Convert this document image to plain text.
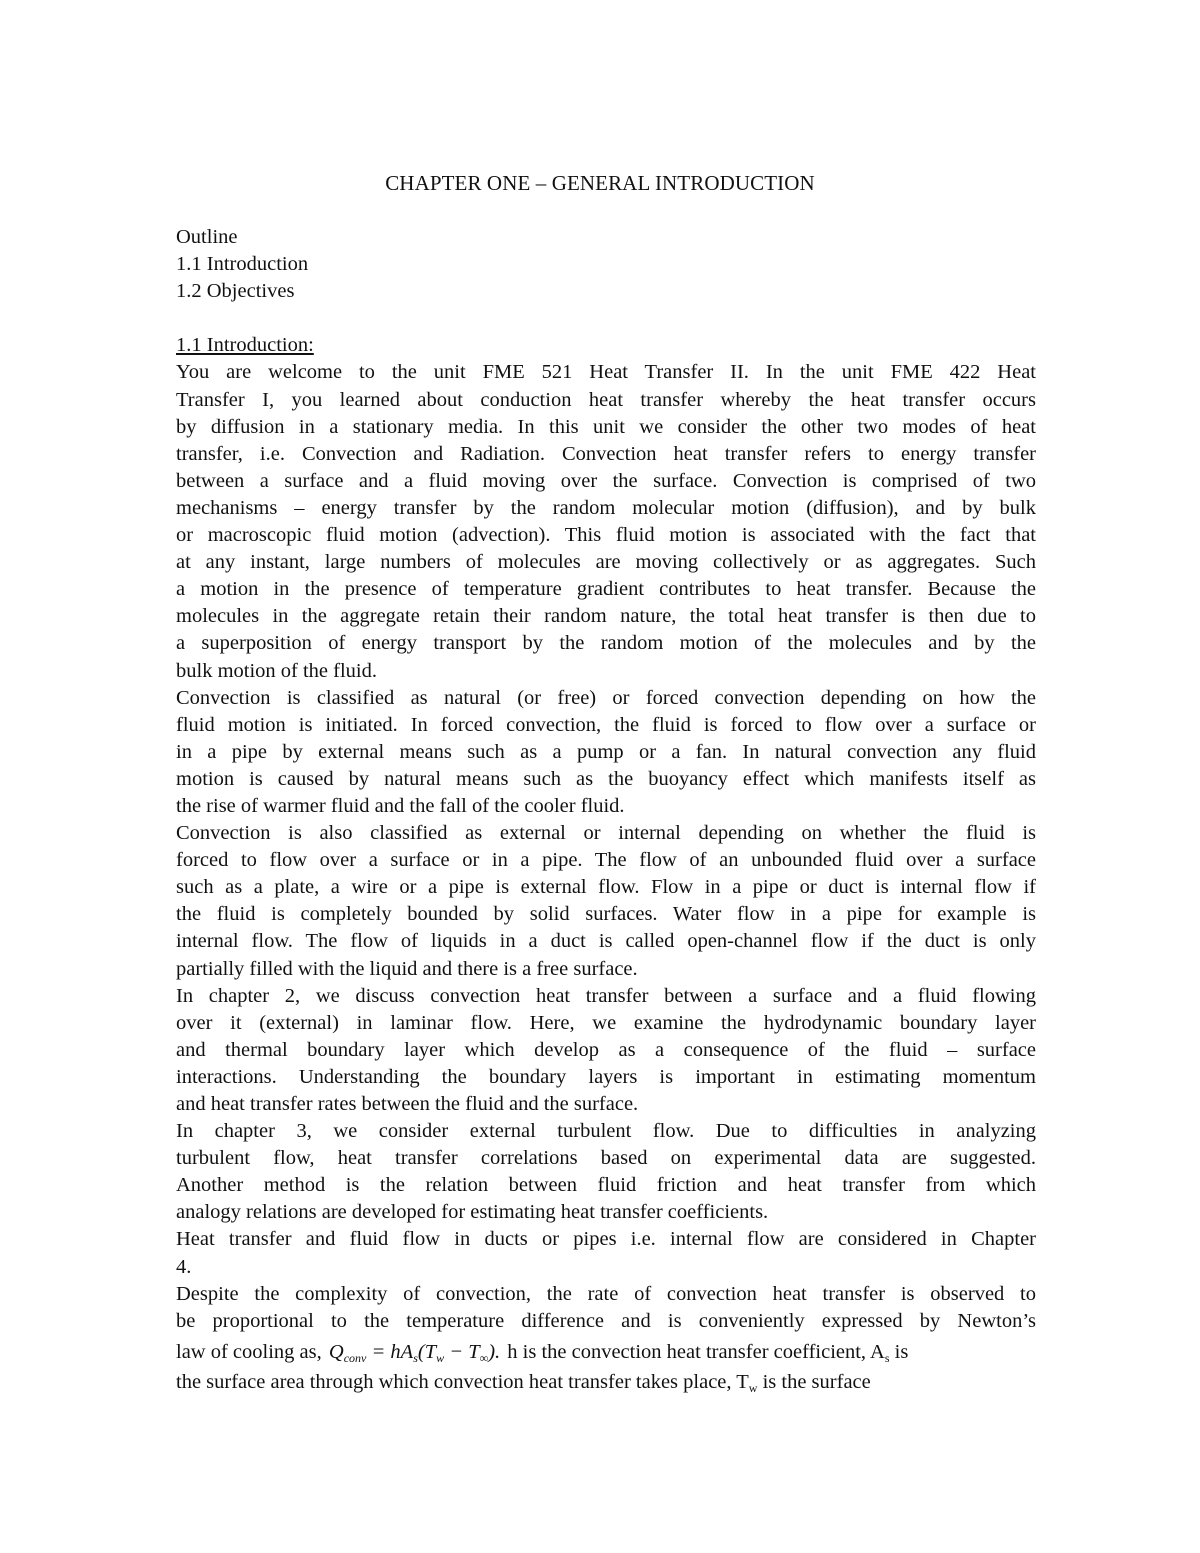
CHAPTER ONE – GENERAL INTRODUCTION
Outline
1.1 Introduction
1.2 Objectives
1.1 Introduction:
You are welcome to the unit FME 521 Heat Transfer II. In the unit FME 422 Heat
Transfer I, you learned about conduction heat transfer whereby the heat transfer occurs
by diffusion in a stationary media. In this unit we consider the other two modes of heat
transfer, i.e. Convection and Radiation. Convection heat transfer refers to energy transfer
between a surface and a fluid moving over the surface. Convection is comprised of two
mechanisms – energy transfer by the random molecular motion (diffusion), and by bulk
or macroscopic fluid motion (advection). This fluid motion is associated with the fact that
at any instant, large numbers of molecules are moving collectively or as aggregates. Such
a motion in the presence of temperature gradient contributes to heat transfer. Because the
molecules in the aggregate retain their random nature, the total heat transfer is then due to
a superposition of energy transport by the random motion of the molecules and by the
bulk motion of the fluid.
Convection is classified as natural (or free) or forced convection depending on how the
fluid motion is initiated. In forced convection, the fluid is forced to flow over a surface or
in a pipe by external means such as a pump or a fan. In natural convection any fluid
motion is caused by natural means such as the buoyancy effect which manifests itself as
the rise of warmer fluid and the fall of the cooler fluid.
Convection is also classified as external or internal depending on whether the fluid is
forced to flow over a surface or in a pipe. The flow of an unbounded fluid over a surface
such as a plate, a wire or a pipe is external flow. Flow in a pipe or duct is internal flow if
the fluid is completely bounded by solid surfaces. Water flow in a pipe for example is
internal flow. The flow of liquids in a duct is called open-channel flow if the duct is only
partially filled with the liquid and there is a free surface.
In chapter 2, we discuss convection heat transfer between a surface and a fluid flowing
over it (external) in laminar flow. Here, we examine the hydrodynamic boundary layer
and thermal boundary layer which develop as a consequence of the fluid – surface
interactions. Understanding the boundary layers is important in estimating momentum
and heat transfer rates between the fluid and the surface.
In chapter 3, we consider external turbulent flow. Due to difficulties in analyzing
turbulent flow, heat transfer correlations based on experimental data are suggested.
Another method is the relation between fluid friction and heat transfer from which
analogy relations are developed for estimating heat transfer coefficients.
Heat transfer and fluid flow in ducts or pipes i.e. internal flow are considered in Chapter
4.
Despite the complexity of convection, the rate of convection heat transfer is observed to
be proportional to the temperature difference and is conveniently expressed by Newton’s
law of cooling as, $Q_{conv} = hA_s(T_w - T_\infty)$. h is the convection heat transfer coefficient, $A_s$ is
the surface area through which convection heat transfer takes place, $T_w$ is the surface
